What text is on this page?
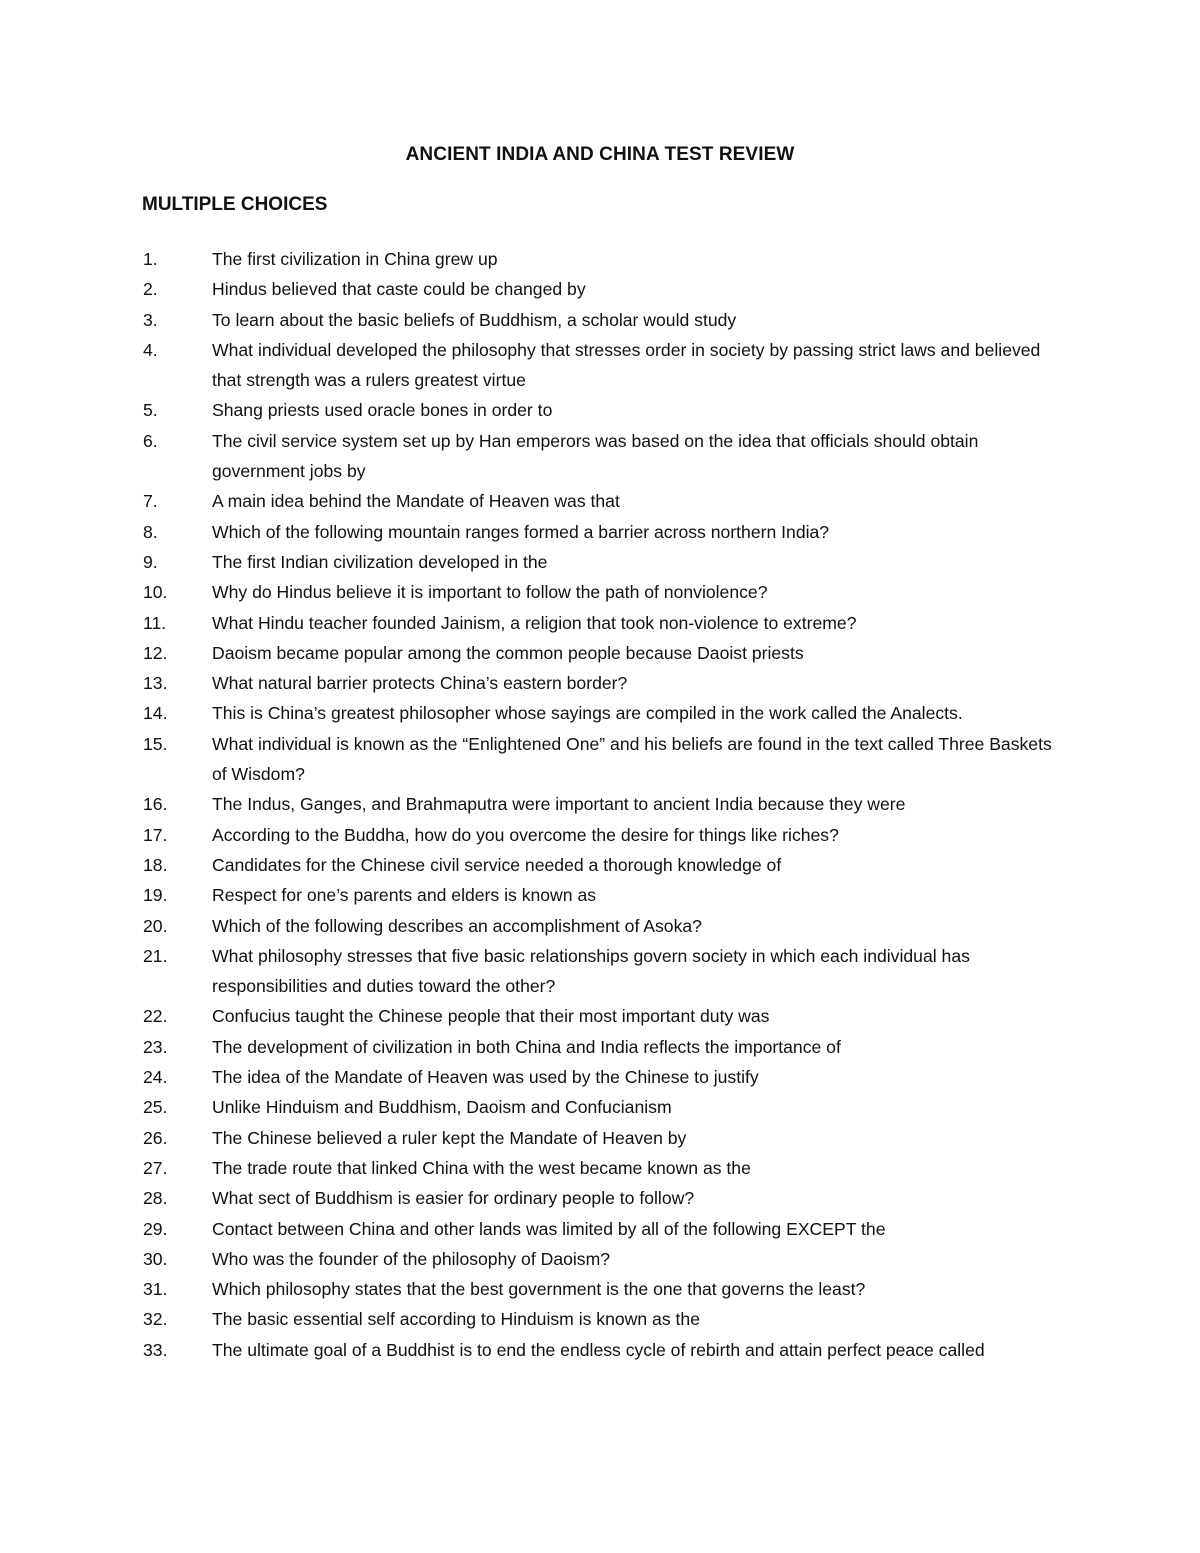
ANCIENT INDIA AND CHINA TEST REVIEW
MULTIPLE CHOICES
1.	The first civilization in China grew up
2.	Hindus believed that caste could be changed by
3.	To learn about the basic beliefs of Buddhism, a scholar would study
4.	What individual developed the philosophy that stresses order in society by passing strict laws and believed that strength was a rulers greatest virtue
5.	Shang priests used oracle bones in order to
6.	The civil service system set up by Han emperors was based on the idea that officials should obtain government jobs by
7.	A main idea behind the Mandate of Heaven was that
8.	Which of the following mountain ranges formed a barrier across northern India?
9.	The first Indian civilization developed in the
10.	Why do Hindus believe it is important to follow the path of nonviolence?
11.	What Hindu teacher founded Jainism, a religion that took non-violence to extreme?
12.	Daoism became popular among the common people because Daoist priests
13.	What natural barrier protects China’s eastern border?
14.	This is China’s greatest philosopher whose sayings are compiled in the work called the Analects.
15.	What individual is known as the “Enlightened One” and his beliefs are found in the text called Three Baskets of Wisdom?
16.	The Indus, Ganges, and Brahmaputra were important to ancient India because they were
17.	According to the Buddha, how do you overcome the desire for things like riches?
18.	Candidates for the Chinese civil service needed a thorough knowledge of
19.	Respect for one’s parents and elders is known as
20.	Which of the following describes an accomplishment of Asoka?
21.	What philosophy stresses that five basic relationships govern society in which each individual has responsibilities and duties toward the other?
22.	Confucius taught the Chinese people that their most important duty was
23.	The development of civilization in both China and India reflects the importance of
24.	The idea of the Mandate of Heaven was used by the Chinese to justify
25.	Unlike Hinduism and Buddhism, Daoism and Confucianism
26.	The Chinese believed a ruler kept the Mandate of Heaven by
27.	The trade route that linked China with the west became known as the
28.	What sect of Buddhism is easier for ordinary people to follow?
29.	Contact between China and other lands was limited by all of the following EXCEPT the
30.	Who was the founder of the philosophy of Daoism?
31.	Which philosophy states that the best government is the one that governs the least?
32.	The basic essential self according to Hinduism is known as the
33.	The ultimate goal of a Buddhist is to end the endless cycle of rebirth and attain perfect peace called
